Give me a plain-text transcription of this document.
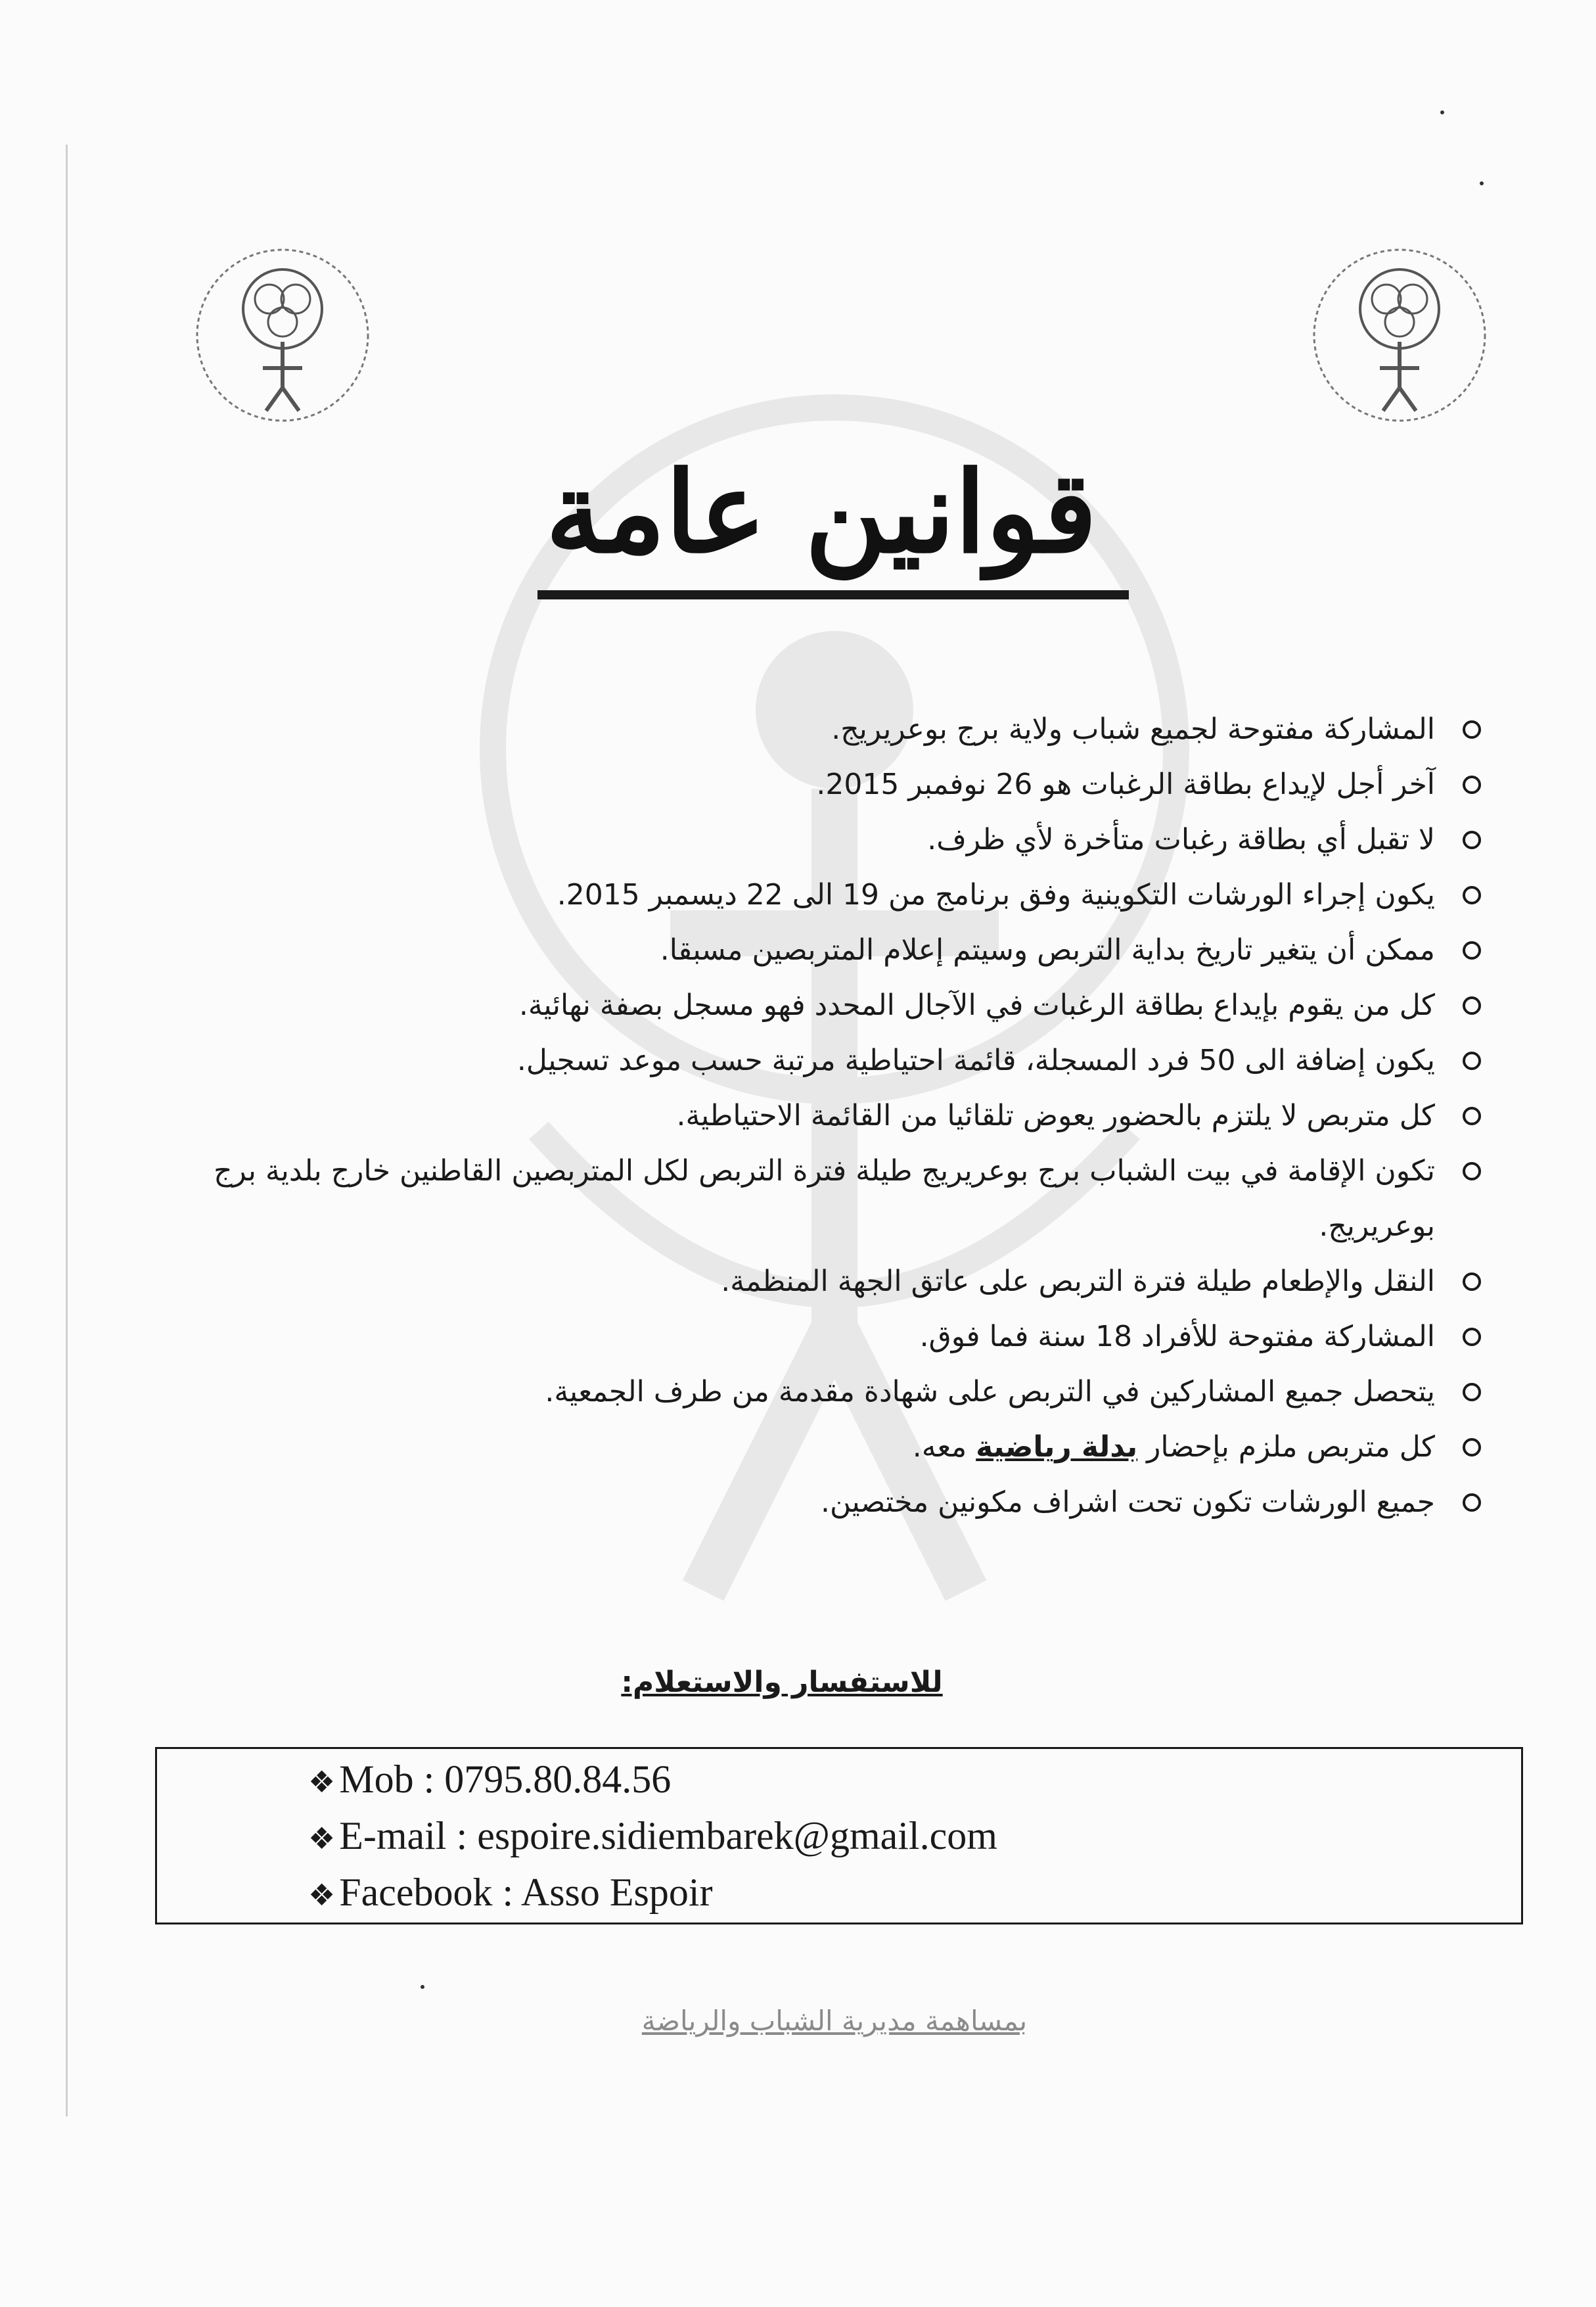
قوانين عامة
المشاركة مفتوحة لجميع شباب ولاية برج بوعريريج.
آخر أجل لإيداع بطاقة الرغبات هو 26 نوفمبر 2015.
لا تقبل أي بطاقة رغبات متأخرة لأي ظرف.
يكون إجراء الورشات التكوينية وفق برنامج من 19 الى 22 ديسمبر 2015.
ممكن أن يتغير تاريخ بداية التربص وسيتم إعلام المتربصين مسبقا.
كل من يقوم بإيداع بطاقة الرغبات في الآجال المحدد فهو مسجل بصفة نهائية.
يكون إضافة الى 50 فرد المسجلة، قائمة احتياطية مرتبة حسب موعد تسجيل.
كل متربص لا يلتزم بالحضور يعوض تلقائيا من القائمة الاحتياطية.
تكون الإقامة في بيت الشباب برج بوعريريج طيلة فترة التربص لكل المتربصين القاطنين خارج بلدية برج بوعريريج.
النقل والإطعام طيلة فترة التربص على عاتق الجهة المنظمة.
المشاركة مفتوحة للأفراد 18 سنة فما فوق.
يتحصل جميع المشاركين في التربص على شهادة مقدمة من طرف الجمعية.
كل متربص ملزم بإحضار بدلة رياضية معه.
جميع الورشات تكون تحت اشراف مكونين مختصين.
للاستفسار والاستعلام:
❖ Mob : 0795.80.84.56
❖ E-mail : espoire.sidiembarek@gmail.com
❖ Facebook : Asso Espoir
بمساهمة مديرية الشباب والرياضة
